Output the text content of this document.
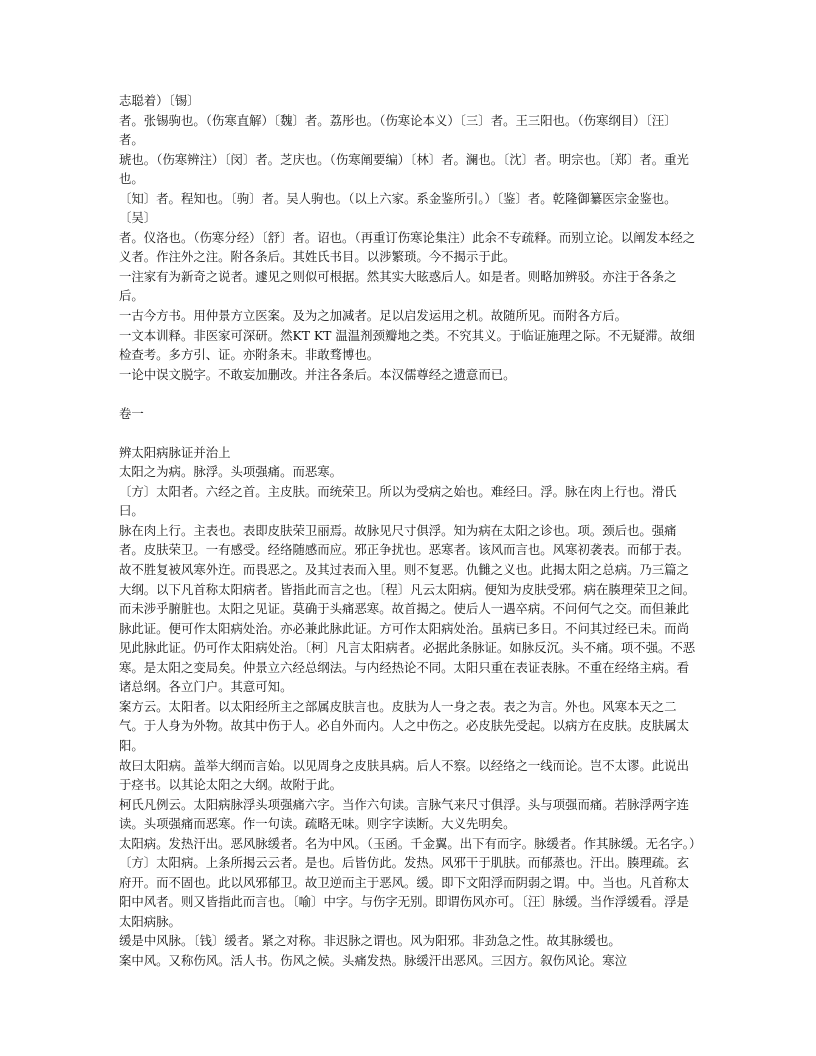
志聪着）〔锡〕

者。张锡驹也。（伤寒直解）〔魏〕者。荔彤也。（伤寒论本义）〔三〕者。王三阳也。（伤寒纲目）〔汪〕者。

琥也。（伤寒辨注）〔闵〕者。芝庆也。（伤寒阐要编）〔林〕者。澜也。〔沈〕者。明宗也。〔郑〕者。重光也。

〔知〕者。程知也。〔驹〕者。吴人驹也。（以上六家。系金鉴所引。）〔鉴〕者。乾隆御纂医宗金鉴也。〔吴〕

者。仪洛也。（伤寒分经）〔舒〕者。诏也。（再重订伤寒论集注）此余不专疏释。而别立论。以阐发本经之义者。作注外之注。附各条后。其姓氏书目。以涉繁琐。今不揭示于此。

一注家有为新奇之说者。遽见之则似可根据。然其实大眩惑后人。如是者。则略加辨驳。亦注于各条之后。

一古今方书。用仲景方立医案。及为之加减者。足以启发运用之机。故随所见。而附各方后。

一文本训释。非医家可深研。然KT KT 温温剂颈瓣地之类。不究其义。于临证施理之际。不无疑滞。故细检查考。多方引、证。亦附条末。非敢骛博也。

一论中误文脱字。不敢妄加删改。并注各条后。本汉儒尊经之遗意而已。

卷一

辨太阳病脉证并治上

太阳之为病。脉浮。头项强痛。而恶寒。

〔方〕太阳者。六经之首。主皮肤。而统荣卫。所以为受病之始也。难经曰。浮。脉在肉上行也。滑氏曰。

脉在肉上行。主表也。表即皮肤荣卫丽焉。故脉见尺寸俱浮。知为病在太阳之诊也。项。颈后也。强痛者。皮肤荣卫。一有感受。经络随感而应。邪正争扰也。恶寒者。该风而言也。风寒初袭表。而郁于表。故不胜复被风寒外迕。而畏恶之。及其过表而入里。则不复恶。仇雠之义也。此揭太阳之总病。乃三篇之大纲。以下凡首称太阳病者。皆指此而言之也。〔程〕凡云太阳病。便知为皮肤受邪。病在腠理荣卫之间。而未涉乎腑脏也。太阳之见证。莫确于头痛恶寒。故首揭之。使后人一遇卒病。不问何气之交。而但兼此脉此证。便可作太阳病处治。亦必兼此脉此证。方可作太阳病处治。虽病已多日。不问其过经已未。而尚见此脉此证。仍可作太阳病处治。〔柯〕凡言太阳病者。必据此条脉证。如脉反沉。头不痛。项不强。不恶寒。是太阳之变局矣。仲景立六经总纲法。与内经热论不同。太阳只重在表证表脉。不重在经络主病。看诸总纲。各立门户。其意可知。

案方云。太阳者。以太阳经所主之部属皮肤言也。皮肤为人一身之表。表之为言。外也。风寒本天之二气。于人身为外物。故其中伤于人。必自外而内。人之中伤之。必皮肤先受起。以病方在皮肤。皮肤属太阳。

故曰太阳病。盖举大纲而言始。以见周身之皮肤具病。后人不察。以经络之一线而论。岂不太谬。此说出于痉书。以其论太阳之大纲。故附于此。

柯氏凡例云。太阳病脉浮头项强痛六字。当作六句读。言脉气来尺寸俱浮。头与项强而痛。若脉浮两字连读。头项强痛而恶寒。作一句读。疏略无味。则字字读断。大义先明矣。

太阳病。发热汗出。恶风脉缓者。名为中风。（玉函。千金翼。出下有而字。脉缓者。作其脉缓。无名字。）

〔方〕太阳病。上条所揭云云者。是也。后皆仿此。发热。风邪干于肌肤。而郁蒸也。汗出。腠理疏。玄府开。而不固也。此以风邪郁卫。故卫逆而主于恶风。缓。即下文阳浮而阴弱之谓。中。当也。凡首称太阳中风者。则又皆指此而言也。〔喻〕中字。与伤字无别。即谓伤风亦可。〔汪〕脉缓。当作浮缓看。浮是太阳病脉。

缓是中风脉。〔钱〕缓者。紧之对称。非迟脉之谓也。风为阳邪。非劲急之性。故其脉缓也。

案中风。又称伤风。活人书。伤风之候。头痛发热。脉缓汗出恶风。三因方。叙伤风论。寒泣
